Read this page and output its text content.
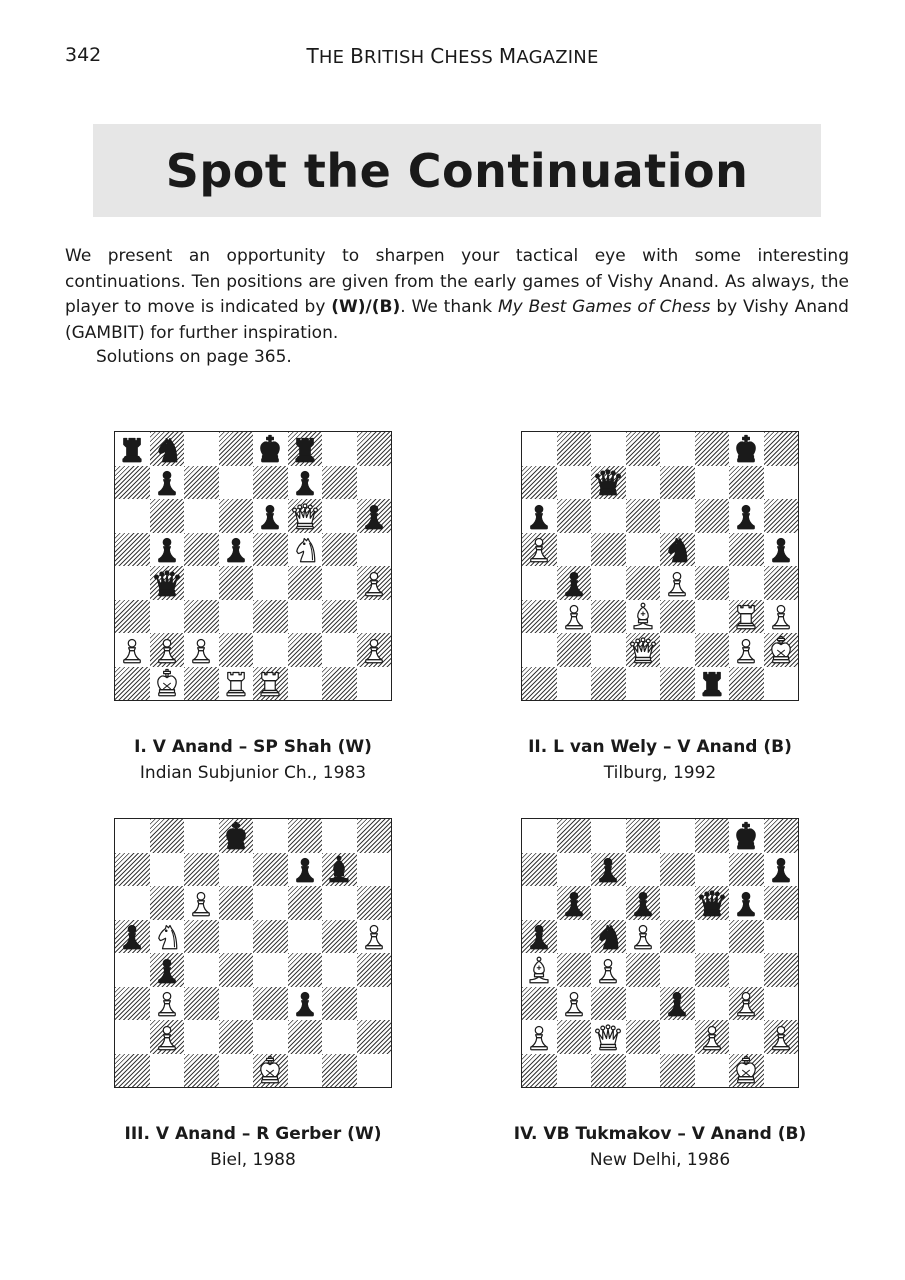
342	THE BRITISH CHESS MAGAZINE
Spot the Continuation

We present an opportunity to sharpen your tactical eye with some interesting continuations. Ten positions are given from the early games of Vishy Anand. As always, the player to move is indicated by (W)/(B). We thank My Best Games of Chess by Vishy Anand (GAMBIT) for further inspiration.

Solutions on page 365.
I. V Anand – SP Shah (W)
Indian Subjunior Ch., 1983
II. L van Wely – V Anand (B)
Tilburg, 1992
III. V Anand – R Gerber (W)
Biel, 1988
IV. VB Tukmakov – V Anand (B)
New Delhi, 1986
